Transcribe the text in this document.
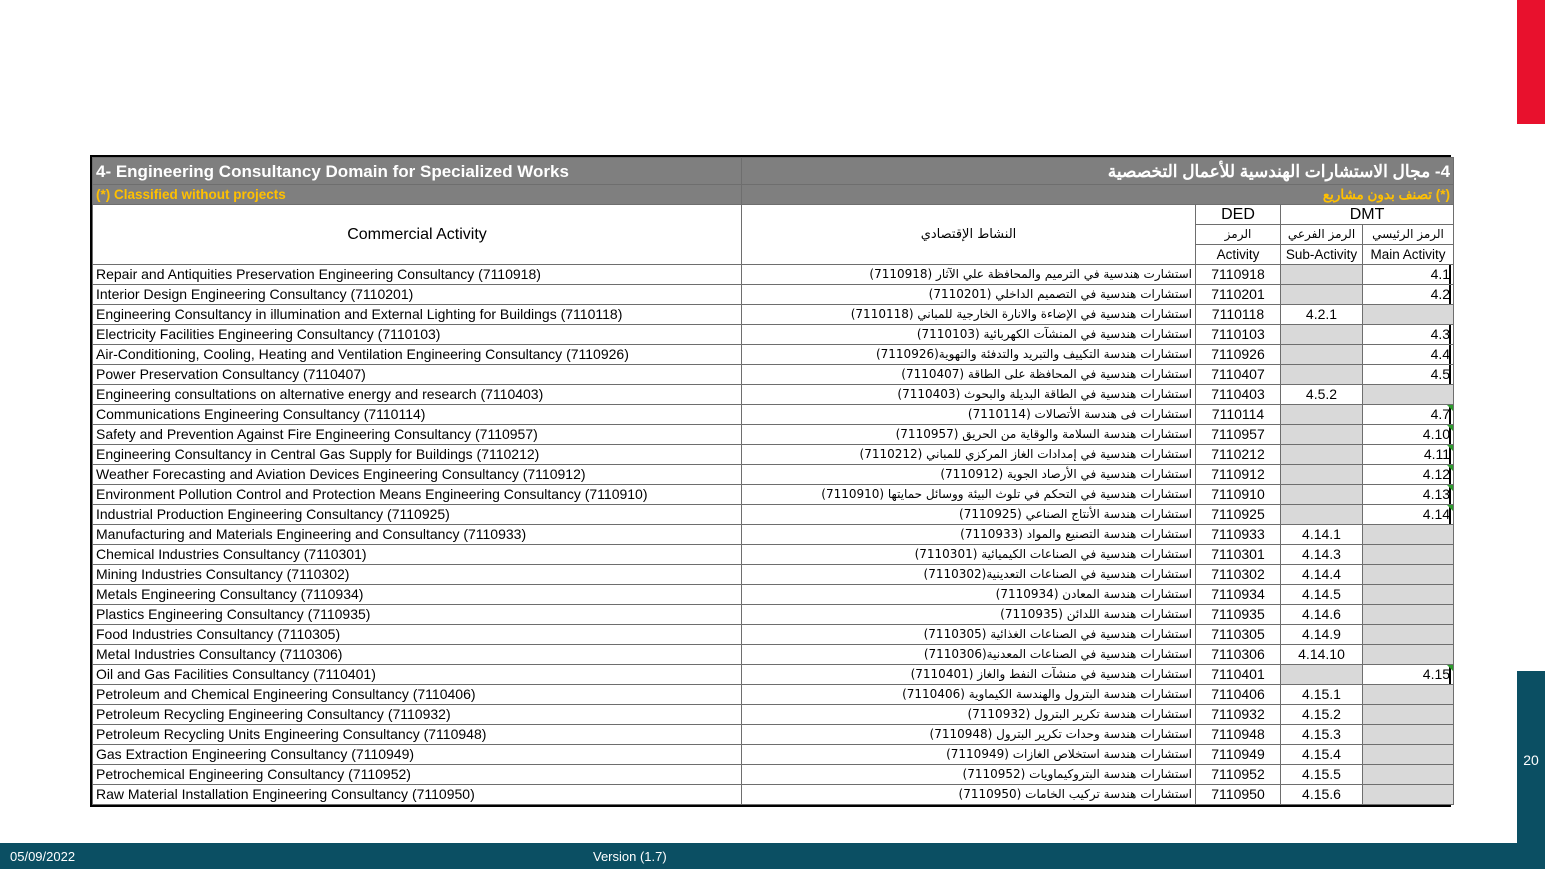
20
4- Engineering Consultancy Domain for Specialized Works	4- مجال الاستشارات الهندسية للأعمال التخصصية			
(*) Classified without projects	(*) تصنف بدون مشاريع			
Commercial Activity	النشاط الإقتصادي	DED	DMT	
		الرمز	الرمز الفرعي	الرمز الرئيسي
		Activity	Sub-Activity	Main Activity
Repair and Antiquities Preservation Engineering Consultancy (7110918)	استشارت هندسية في الترميم والمحافظة علي الآثار (7110918)	7110918		4.1
Interior Design Engineering Consultancy (7110201)	استشارات هندسية في التصميم الداخلي (7110201)	7110201		4.2
Engineering Consultancy in illumination and External Lighting for Buildings (7110118)	استشارات هندسية في الإضاءة والانارة الخارجية للمباني (7110118)	7110118	4.2.1	
Electricity Facilities Engineering Consultancy (7110103)	استشارات هندسية في المنشآت الكهربائية (7110103)	7110103		4.3
Air-Conditioning, Cooling, Heating and Ventilation Engineering Consultancy (7110926)	استشارات هندسة التكييف والتبريد والتدفئة والتهوية(7110926)	7110926		4.4
Power Preservation Consultancy (7110407)	استشارات هندسية في المحافظة على الطاقة (7110407)	7110407		4.5
Engineering consultations on alternative energy and research (7110403)	استشارات هندسية في الطاقة البديلة والبحوث (7110403)	7110403	4.5.2	
Communications Engineering Consultancy (7110114)	استشارات فى هندسة الأتصالات (7110114)	7110114		4.7
Safety and Prevention Against Fire Engineering Consultancy (7110957)	استشارات هندسة السلامة والوقاية من الحريق (7110957)	7110957		4.10
Engineering Consultancy in Central Gas Supply for Buildings (7110212)	استشارات هندسية في إمدادات الغاز المركزي للمباني (7110212)	7110212		4.11
Weather Forecasting and Aviation Devices Engineering Consultancy (7110912)	استشارات هندسية في الأرصاد الجوية (7110912)	7110912		4.12
Environment Pollution Control and Protection Means Engineering Consultancy (7110910)	استشارات هندسية في التحكم في تلوث البيئة ووسائل حمايتها (7110910)	7110910		4.13
Industrial Production Engineering Consultancy (7110925)	استشارات هندسة الأنتاج الصناعي (7110925)	7110925		4.14
Manufacturing and Materials Engineering and Consultancy (7110933)	استشارات هندسة التصنيع والمواد (7110933)	7110933	4.14.1	
Chemical Industries Consultancy (7110301)	استشارات هندسية في الصناعات الكيميائية (7110301)	7110301	4.14.3	
Mining Industries Consultancy (7110302)	استشارات هندسية في الصناعات التعدينية(7110302)	7110302	4.14.4	
Metals Engineering Consultancy (7110934)	استشارات هندسة المعادن (7110934)	7110934	4.14.5	
Plastics Engineering Consultancy (7110935)	استشارات هندسة اللدائن (7110935)	7110935	4.14.6	
Food Industries Consultancy (7110305)	استشارات هندسية في الصناعات الغذائية (7110305)	7110305	4.14.9	
Metal Industries Consultancy (7110306)	استشارات هندسية في الصناعات المعدنية(7110306)	7110306	4.14.10	
Oil and Gas Facilities Consultancy (7110401)	استشارات هندسية في منشآت النفط والغاز (7110401)	7110401		4.15
Petroleum and Chemical Engineering Consultancy (7110406)	استشارات هندسة البترول والهندسة الكيماوية (7110406)	7110406	4.15.1	
Petroleum Recycling Engineering Consultancy (7110932)	استشارات هندسة تكرير البترول (7110932)	7110932	4.15.2	
Petroleum Recycling Units Engineering Consultancy (7110948)	استشارات هندسة وحدات تكرير البترول (7110948)	7110948	4.15.3	
Gas Extraction Engineering Consultancy (7110949)	استشارات هندسة استخلاص الغازات (7110949)	7110949	4.15.4	
Petrochemical Engineering Consultancy (7110952)	استشارات هندسة البتروكيماويات (7110952)	7110952	4.15.5	
Raw Material Installation Engineering Consultancy (7110950)	استشارات هندسة تركيب الخامات (7110950)	7110950	4.15.6	
05/09/2022	Version (1.7)
